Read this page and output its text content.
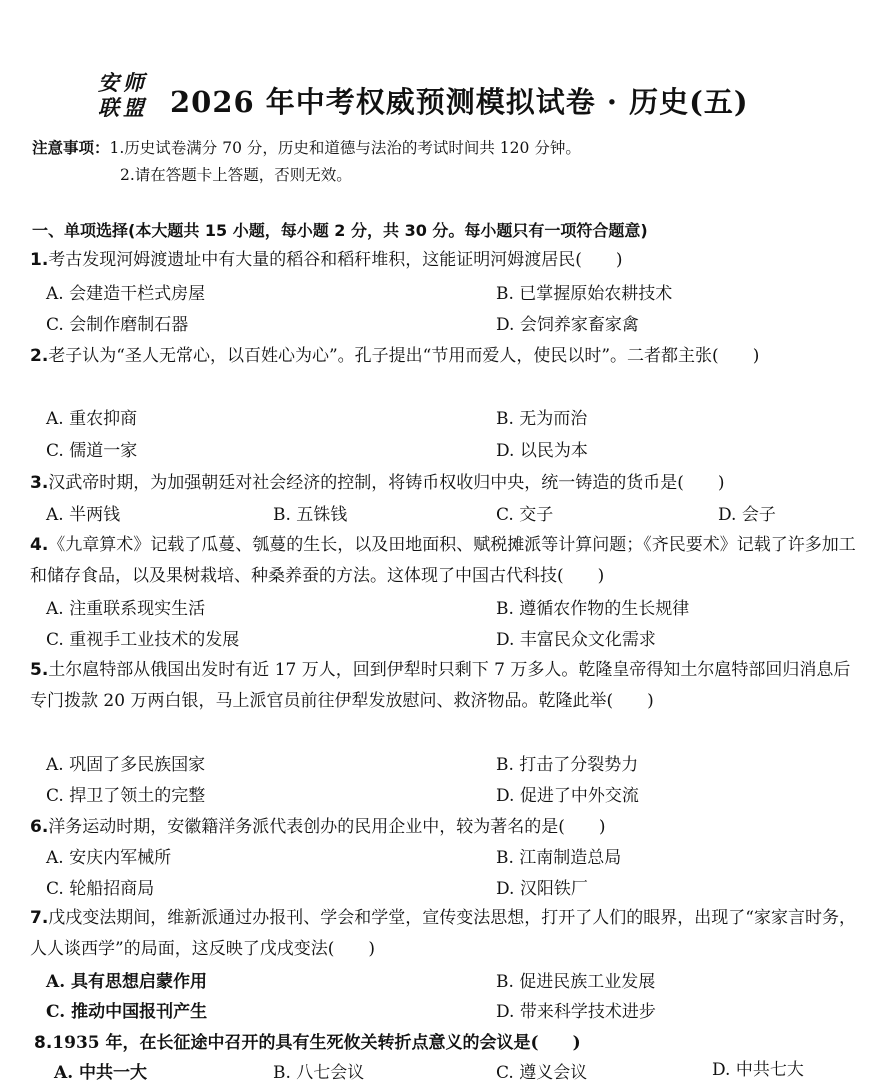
安师
联盟 2026 年中考权威预测模拟试卷 · 历史(五)
注意事项：1.历史试卷满分 70 分，历史和道德与法治的考试时间共 120 分钟。
2.请在答题卡上答题，否则无效。
一、单项选择(本大题共 15 小题，每小题 2 分，共 30 分。每小题只有一项符合题意)
1.考古发现河姆渡遗址中有大量的稻谷和稻秆堆积，这能证明河姆渡居民(　　)
A. 会建造干栏式房屋	B. 已掌握原始农耕技术
C. 会制作磨制石器	D. 会饲养家畜家禽
2.老子认为“圣人无常心，以百姓心为心”。孔子提出“节用而爱人，使民以时”。二者都主张(　　)
A. 重农抑商	B. 无为而治
C. 儒道一家	D. 以民为本
3.汉武帝时期，为加强朝廷对社会经济的控制，将铸币权收归中央，统一铸造的货币是(　　)
A. 半两钱	B. 五铢钱	C. 交子	D. 会子
4.《九章算术》记载了瓜蔓、瓠蔓的生长，以及田地面积、赋税摊派等计算问题；《齐民要术》记载了许多加工和储存食品，以及果树栽培、种桑养蚕的方法。这体现了中国古代科技(　　)
A. 注重联系现实生活	B. 遵循农作物的生长规律
C. 重视手工业技术的发展	D. 丰富民众文化需求
5.土尔扈特部从俄国出发时有近 17 万人，回到伊犁时只剩下 7 万多人。乾隆皇帝得知土尔扈特部回归消息后专门拨款 20 万两白银，马上派官员前往伊犁发放慰问、救济物品。乾隆此举(　　)
A. 巩固了多民族国家	B. 打击了分裂势力
C. 捍卫了领土的完整	D. 促进了中外交流
6.洋务运动时期，安徽籍洋务派代表创办的民用企业中，较为著名的是(　　)
A. 安庆内军械所	B. 江南制造总局
C. 轮船招商局	D. 汉阳铁厂
7.戊戌变法期间，维新派通过办报刊、学会和学堂，宣传变法思想，打开了人们的眼界，出现了“家家言时务，人人谈西学”的局面，这反映了戊戌变法(　　)
A. 具有思想启蒙作用	B. 促进民族工业发展
C. 推动中国报刊产生	D. 带来科学技术进步
8.1935 年，在长征途中召开的具有生死攸关转折点意义的会议是(　　)
A. 中共一大	B. 八七会议	C. 遵义会议	D. 中共七大
